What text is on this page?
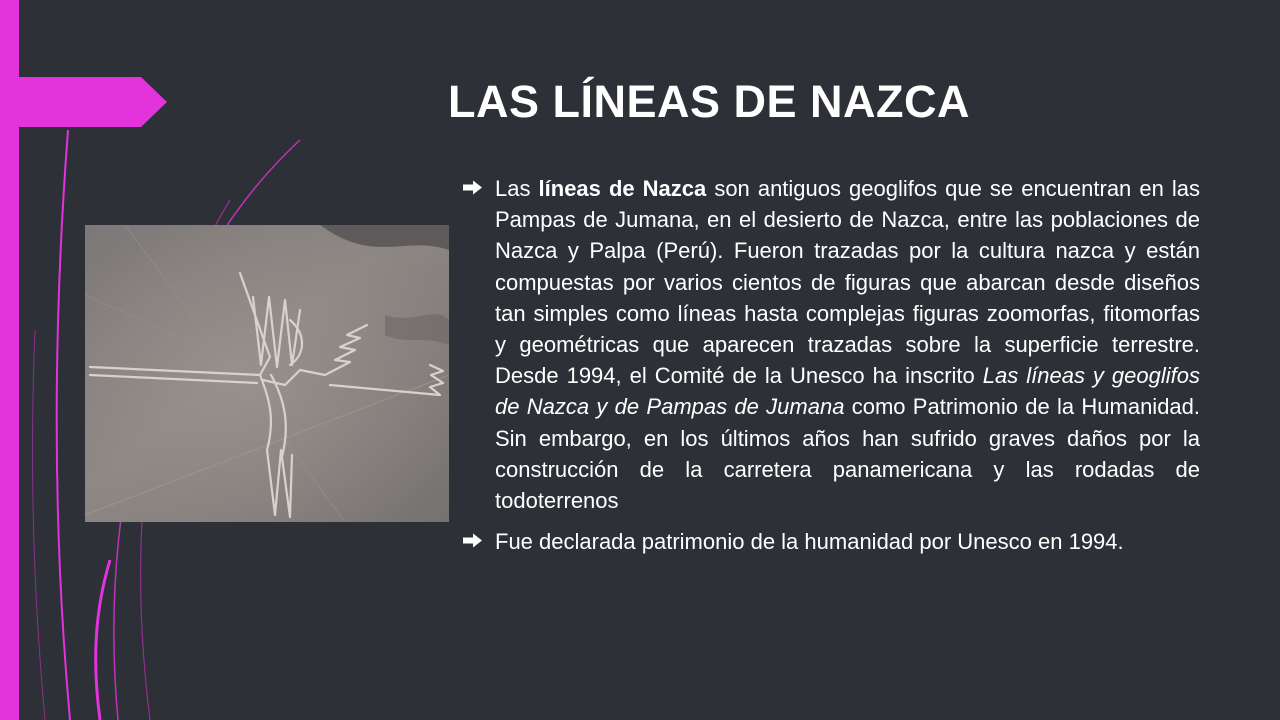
LAS LÍNEAS DE NAZCA
Las líneas de Nazca son antiguos geoglifos que se encuentran en las Pampas de Jumana, en el desierto de Nazca, entre las poblaciones de Nazca y Palpa (Perú). Fueron trazadas por la cultura nazca y están compuestas por varios cientos de figuras que abarcan desde diseños tan simples como líneas hasta complejas figuras zoomorfas, fitomorfas y geométricas que aparecen trazadas sobre la superficie terrestre. Desde 1994, el Comité de la Unesco ha inscrito Las líneas y geoglifos de Nazca y de Pampas de Jumana como Patrimonio de la Humanidad. Sin embargo, en los últimos años han sufrido graves daños por la construcción de la carretera panamericana y las rodadas de todoterrenos
Fue declarada patrimonio de la humanidad por Unesco en 1994.
